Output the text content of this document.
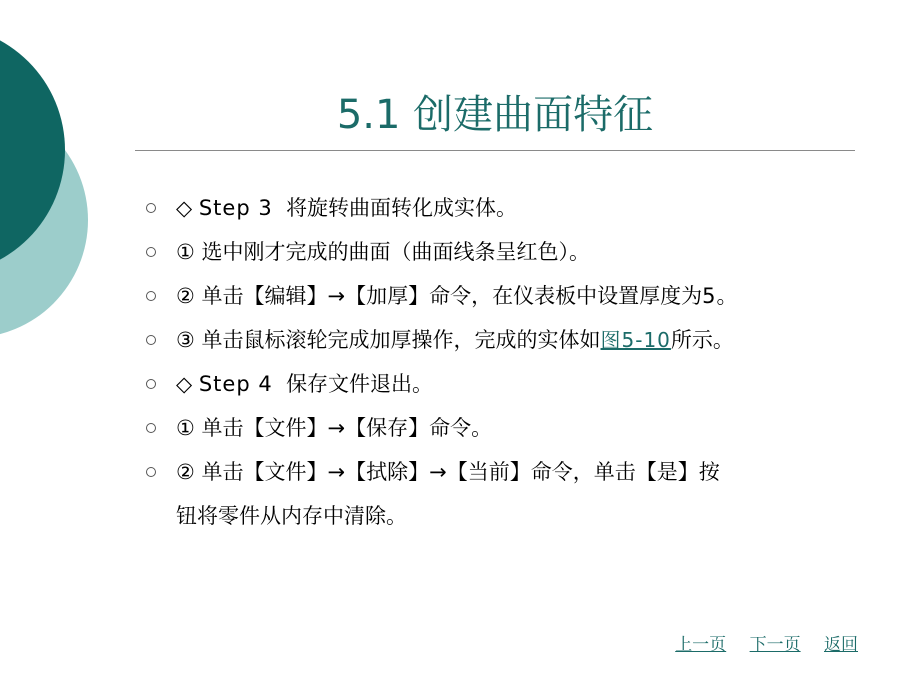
5.1 创建曲面特征
◇ Step 3 将旋转曲面转化成实体。
① 选中刚才完成的曲面（曲面线条呈红色）。
② 单击【编辑】→【加厚】命令，在仪表板中设置厚度为5。
③ 单击鼠标滚轮完成加厚操作，完成的实体如图5-10所示。
◇ Step 4 保存文件退出。
① 单击【文件】→【保存】命令。
② 单击【文件】→【拭除】→【当前】命令，单击【是】按
钮将零件从内存中清除。
上一页 下一页 返回
